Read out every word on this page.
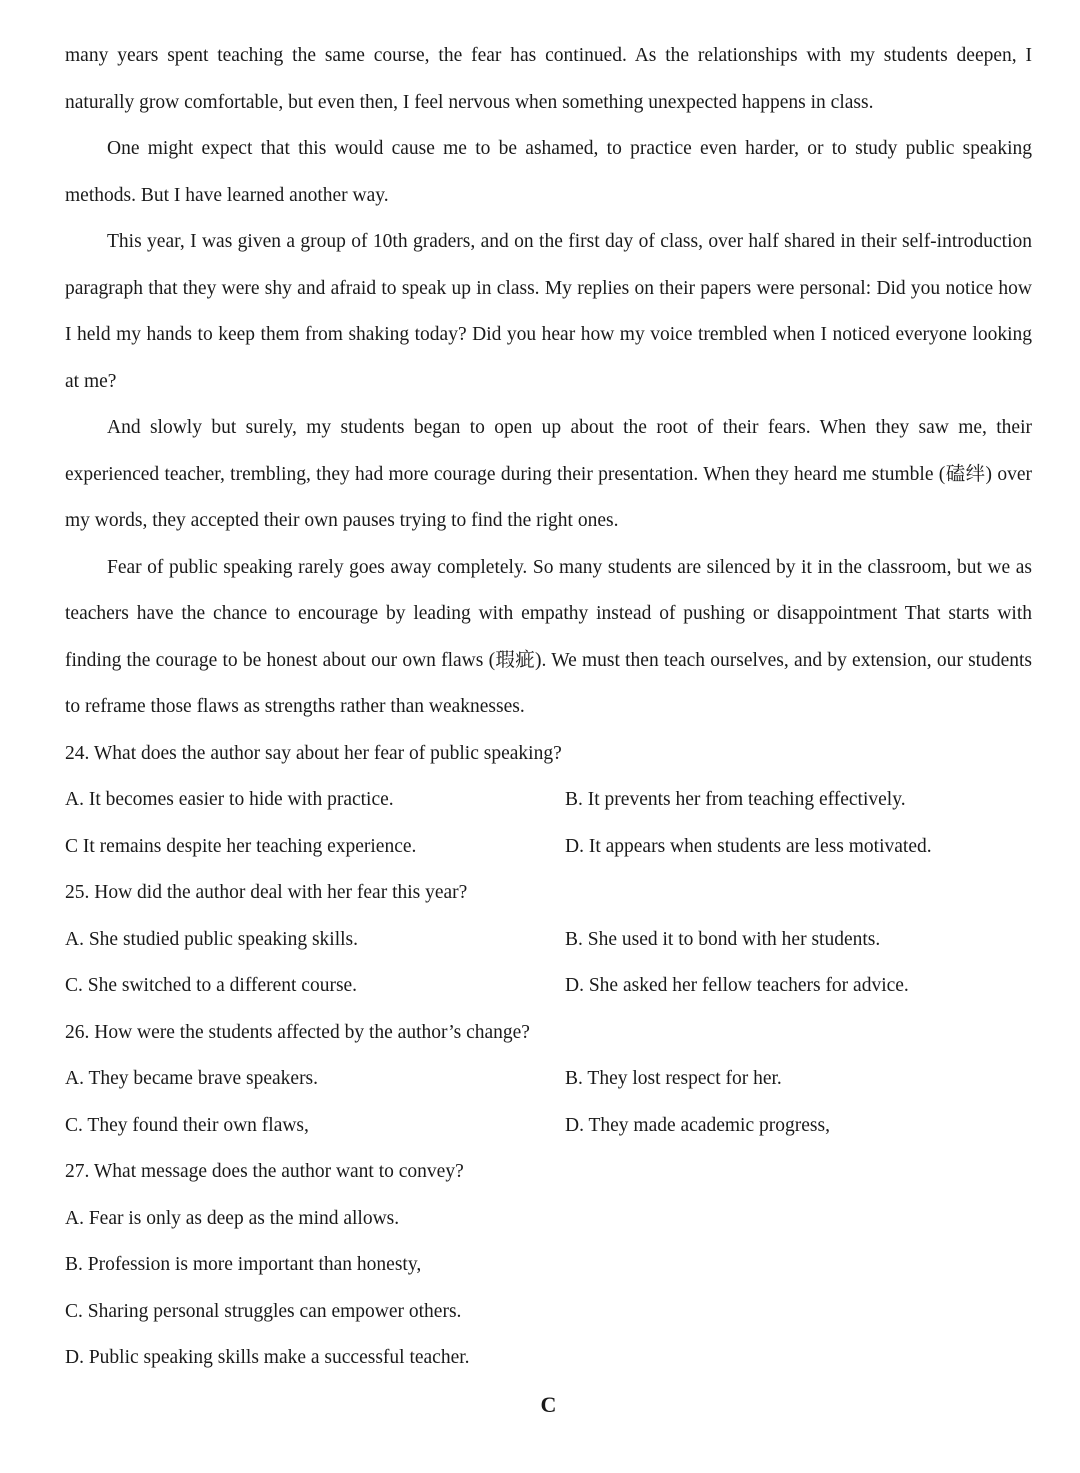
many years spent teaching the same course, the fear has continued. As the relationships with my students deepen, I naturally grow comfortable, but even then, I feel nervous when something unexpected happens in class.

One might expect that this would cause me to be ashamed, to practice even harder, or to study public speaking methods. But I have learned another way.

This year, I was given a group of 10th graders, and on the first day of class, over half shared in their self-introduction paragraph that they were shy and afraid to speak up in class. My replies on their papers were personal: Did you notice how I held my hands to keep them from shaking today? Did you hear how my voice trembled when I noticed everyone looking at me?

And slowly but surely, my students began to open up about the root of their fears. When they saw me, their experienced teacher, trembling, they had more courage during their presentation. When they heard me stumble (磕绊) over my words, they accepted their own pauses trying to find the right ones.

Fear of public speaking rarely goes away completely. So many students are silenced by it in the classroom, but we as teachers have the chance to encourage by leading with empathy instead of pushing or disappointment That starts with finding the courage to be honest about our own flaws (瑕疵). We must then teach ourselves, and by extension, our students to reframe those flaws as strengths rather than weaknesses.

24. What does the author say about her fear of public speaking?

A. It becomes easier to hide with practice.	B. It prevents her from teaching effectively.
C It remains despite her teaching experience.	D. It appears when students are less motivated.

25. How did the author deal with her fear this year?

A. She studied public speaking skills.	B. She used it to bond with her students.
C. She switched to a different course.	D. She asked her fellow teachers for advice.

26. How were the students affected by the author’s change?

A. They became brave speakers.	B. They lost respect for her.
C. They found their own flaws,	D. They made academic progress,

27. What message does the author want to convey?

A. Fear is only as deep as the mind allows.
B. Profession is more important than honesty,
C. Sharing personal struggles can empower others.
D. Public speaking skills make a successful teacher.
C
